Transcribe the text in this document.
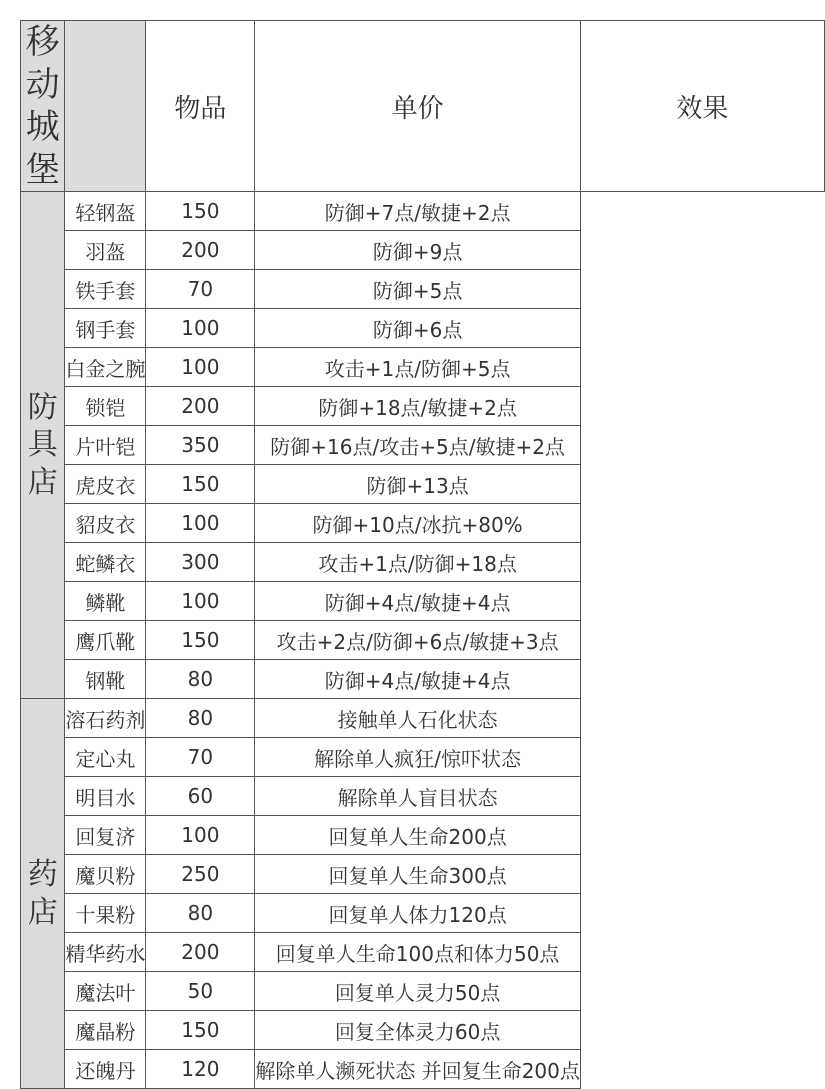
移动城堡		物品	单价	效果
防具店	轻钢盔	150	防御+7点/敏捷+2点	
	羽盔	200	防御+9点	
	铁手套	70	防御+5点	
	钢手套	100	防御+6点	
	白金之腕	100	攻击+1点/防御+5点	
	锁铠	200	防御+18点/敏捷+2点	
	片叶铠	350	防御+16点/攻击+5点/敏捷+2点	
	虎皮衣	150	防御+13点	
	貂皮衣	100	防御+10点/冰抗+80%	
	蛇鳞衣	300	攻击+1点/防御+18点	
	鳞靴	100	防御+4点/敏捷+4点	
	鹰爪靴	150	攻击+2点/防御+6点/敏捷+3点	
	钢靴	80	防御+4点/敏捷+4点	
药店	溶石药剂	80	接触单人石化状态	
	定心丸	70	解除单人疯狂/惊吓状态	
	明目水	60	解除单人盲目状态	
	回复济	100	回复单人生命200点	
	魔贝粉	250	回复单人生命300点	
	十果粉	80	回复单人体力120点	
	精华药水	200	回复单人生命100点和体力50点	
	魔法叶	50	回复单人灵力50点	
	魔晶粉	150	回复全体灵力60点	
	还魄丹	120	解除单人濒死状态 并回复生命200点	
